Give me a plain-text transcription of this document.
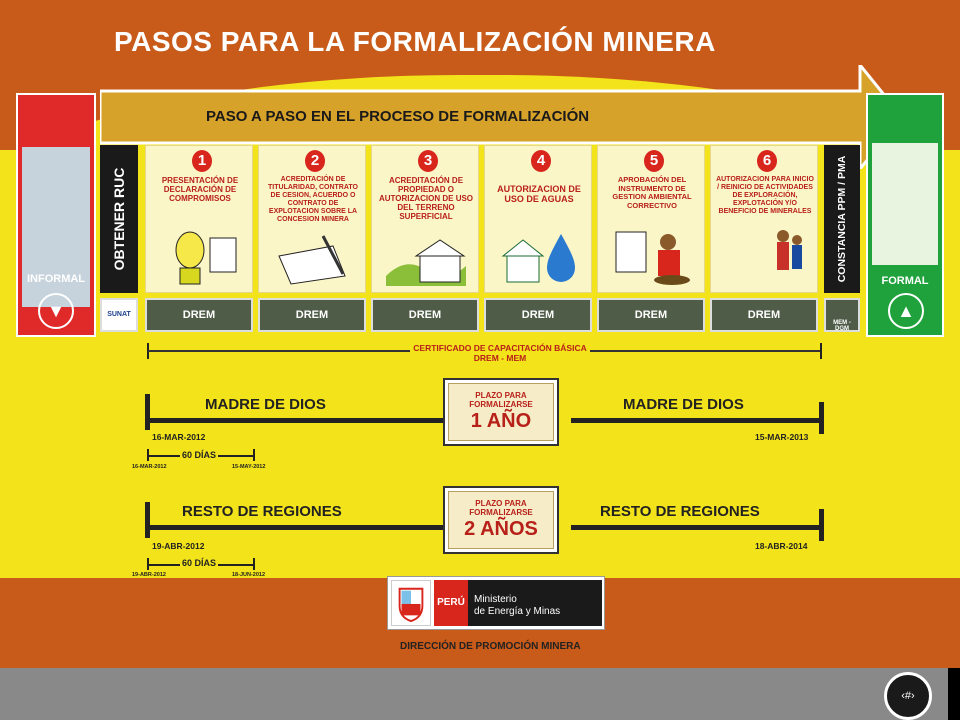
PASOS PARA LA FORMALIZACIÓN MINERA
PASO A PASO EN EL PROCESO DE FORMALIZACIÓN
INFORMAL
▼
FORMAL
▲
OBTENER RUC	CONSTANCIA PPM / PMA
1
PRESENTACIÓN DE DECLARACIÓN DE COMPROMISOS
2
ACREDITACIÓN DE TITULARIDAD, CONTRATO DE CESION, ACUERDO O CONTRATO DE EXPLOTACION SOBRE LA CONCESION MINERA
3
ACREDITACIÓN DE PROPIEDAD O AUTORIZACION DE USO DEL TERRENO SUPERFICIAL
4
AUTORIZACION DE USO DE AGUAS
5
APROBACIÓN DEL INSTRUMENTO DE GESTION AMBIENTAL CORRECTIVO
6
AUTORIZACION PARA INICIO / REINICIO DE ACTIVIDADES DE EXPLORACIÓN, EXPLOTACIÓN Y/O BENEFICIO DE MINERALES
SUNAT	DREM	DREM	DREM	DREM	DREM	DREM
MEM - DGM
CERTIFICADO DE CAPACITACIÓN BÁSICA DREM - MEM
MADRE DE DIOS
16-MAR-2012
PLAZO PARA
FORMALIZARSE
1 AÑO
MADRE DE DIOS
15-MAR-2013
60 DÍAS
16-MAR-2012	15-MAY-2012
RESTO DE REGIONES
19-ABR-2012
PLAZO PARA
FORMALIZARSE
2 AÑOS
RESTO DE REGIONES
18-ABR-2014
60 DÍAS
19-ABR-2012	18-JUN-2012
PERÚ Ministerio
de Energía y Minas
DIRECCIÓN DE PROMOCIÓN MINERA
‹#›
